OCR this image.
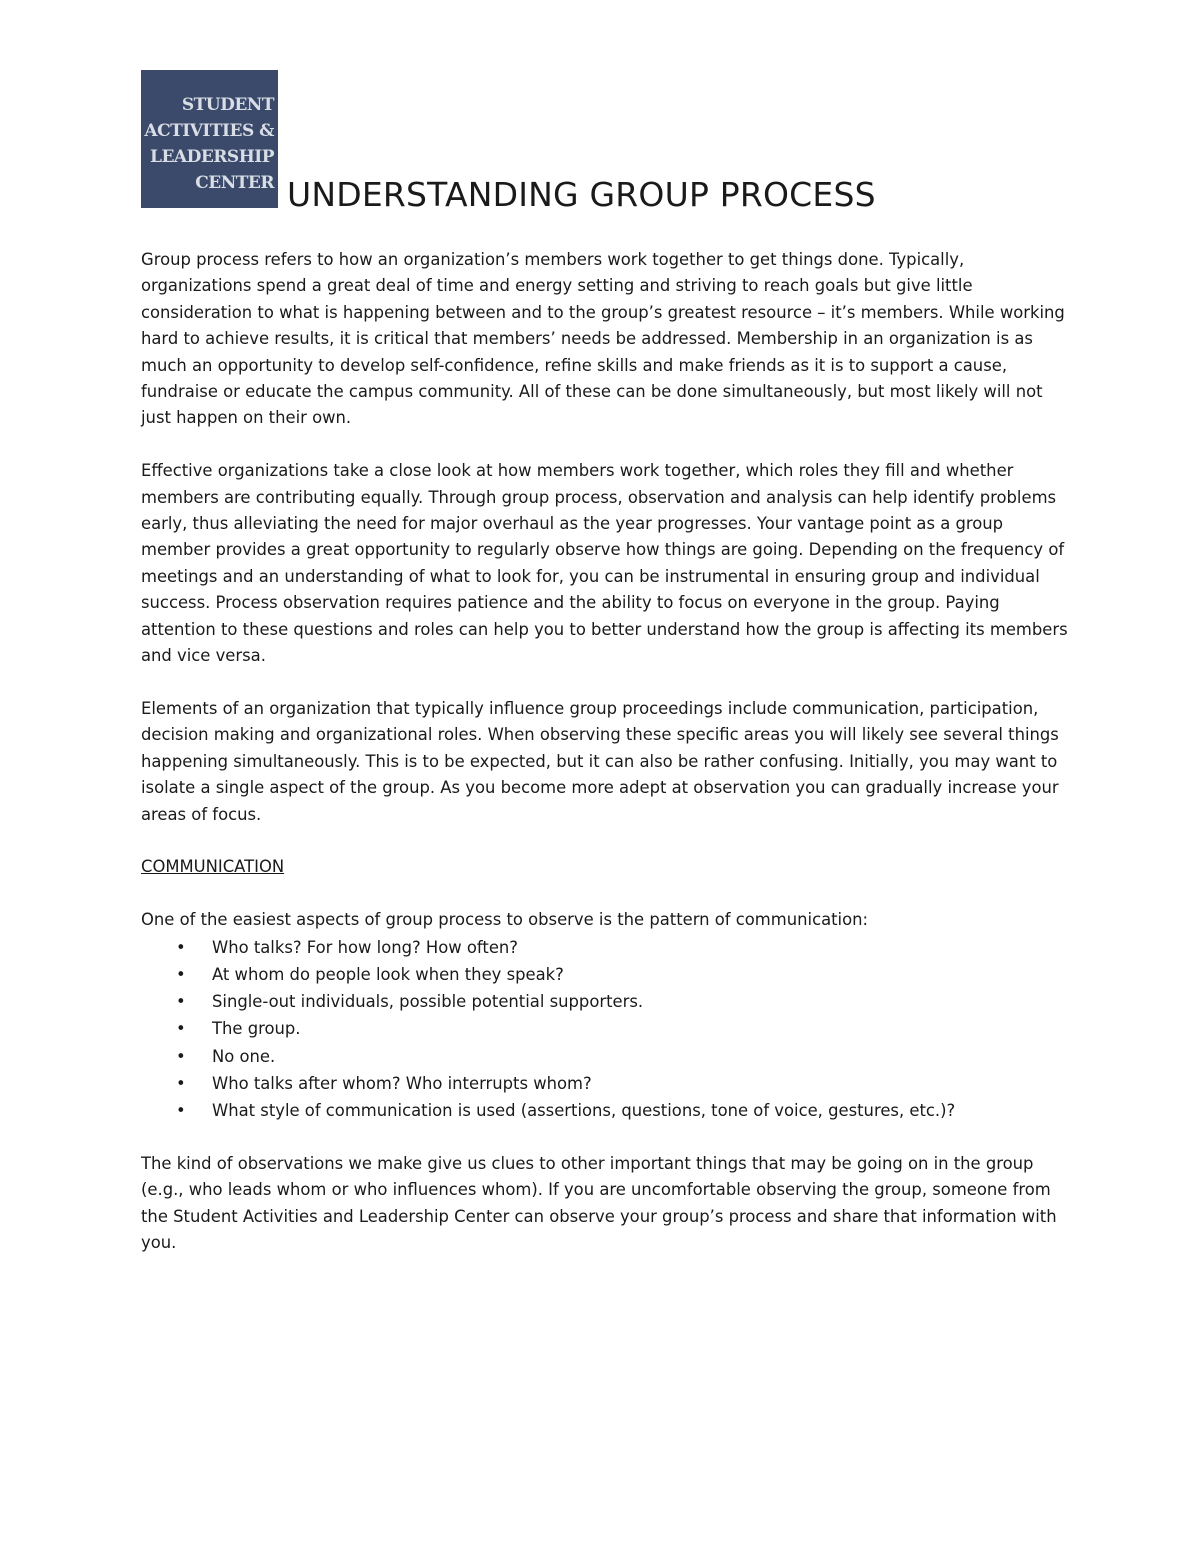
STUDENT
ACTIVITIES &
LEADERSHIP
CENTER UNDERSTANDING GROUP PROCESS

Group process refers to how an organization’s members work together to get things done. Typically, organizations spend a great deal of time and energy setting and striving to reach goals but give little consideration to what is happening between and to the group’s greatest resource – it’s members. While working hard to achieve results, it is critical that members’ needs be addressed. Membership in an organization is as much an opportunity to develop self-confidence, refine skills and make friends as it is to support a cause, fundraise or educate the campus community. All of these can be done simultaneously, but most likely will not just happen on their own.

Effective organizations take a close look at how members work together, which roles they fill and whether members are contributing equally. Through group process, observation and analysis can help identify problems early, thus alleviating the need for major overhaul as the year progresses. Your vantage point as a group member provides a great opportunity to regularly observe how things are going. Depending on the frequency of meetings and an understanding of what to look for, you can be instrumental in ensuring group and individual success. Process observation requires patience and the ability to focus on everyone in the group. Paying attention to these questions and roles can help you to better understand how the group is affecting its members and vice versa.

Elements of an organization that typically influence group proceedings include communication, participation, decision making and organizational roles. When observing these specific areas you will likely see several things happening simultaneously. This is to be expected, but it can also be rather confusing. Initially, you may want to isolate a single aspect of the group. As you become more adept at observation you can gradually increase your areas of focus.

COMMUNICATION

One of the easiest aspects of group process to observe is the pattern of communication:

• Who talks? For how long? How often?
• At whom do people look when they speak?
• Single-out individuals, possible potential supporters.
• The group.
• No one.
• Who talks after whom? Who interrupts whom?
• What style of communication is used (assertions, questions, tone of voice, gestures, etc.)?

The kind of observations we make give us clues to other important things that may be going on in the group (e.g., who leads whom or who influences whom). If you are uncomfortable observing the group, someone from the Student Activities and Leadership Center can observe your group’s process and share that information with you.
